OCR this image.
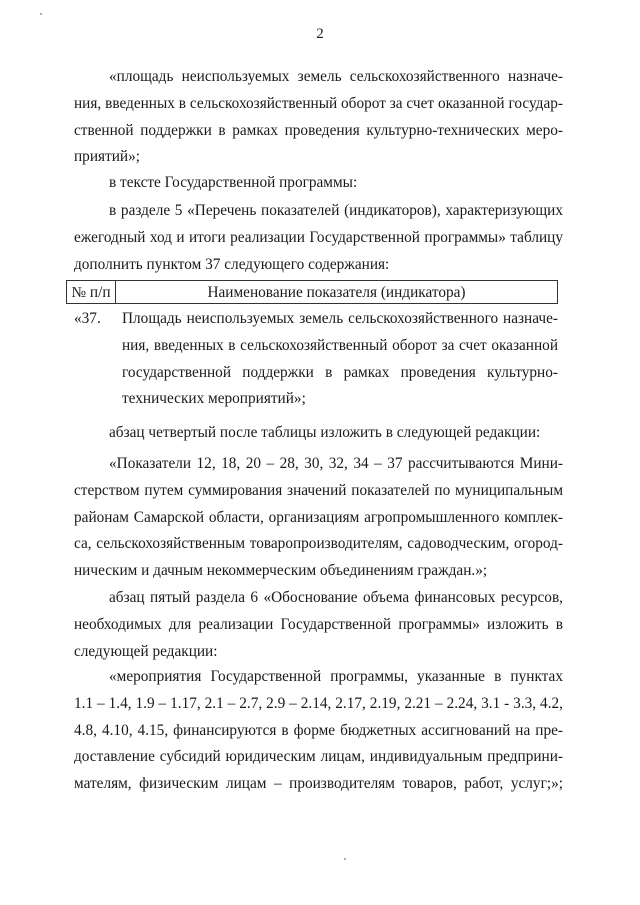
2
«площадь неиспользуемых земель сельскохозяйственного назначе-
ния, введенных в сельскохозяйственный оборот за счет оказанной государ-
ственной поддержки в рамках проведения культурно-технических меро-
приятий»;
в тексте Государственной программы:
в разделе 5 «Перечень показателей (индикаторов), характеризующих
ежегодный ход и итоги реализации Государственной программы» таблицу
дополнить пунктом 37 следующего содержания:
№ п/п	Наименование показателя (индикатора)
«37.	Площадь неиспользуемых земель сельскохозяйственного назначе-
ния, введенных в сельскохозяйственный оборот за счет оказанной
государственной поддержки в рамках проведения культурно-
технических мероприятий»;
абзац четвертый после таблицы изложить в следующей редакции:
«Показатели 12, 18, 20 – 28, 30, 32, 34 – 37 рассчитываются Мини-
стерством путем суммирования значений показателей по муниципальным
районам Самарской области, организациям агропромышленного комплек-
са, сельскохозяйственным товаропроизводителям, садоводческим, огород-
ническим и дачным некоммерческим объединениям граждан.»;
абзац пятый раздела 6 «Обоснование объема финансовых ресурсов,
необходимых для реализации Государственной программы» изложить в
следующей редакции:
«мероприятия Государственной программы, указанные в пунктах
1.1 – 1.4, 1.9 – 1.17, 2.1 – 2.7, 2.9 – 2.14, 2.17, 2.19, 2.21 – 2.24, 3.1 - 3.3, 4.2,
4.8, 4.10, 4.15, финансируются в форме бюджетных ассигнований на пре-
доставление субсидий юридическим лицам, индивидуальным предприни-
мателям, физическим лицам – производителям товаров, работ, услуг;»;
